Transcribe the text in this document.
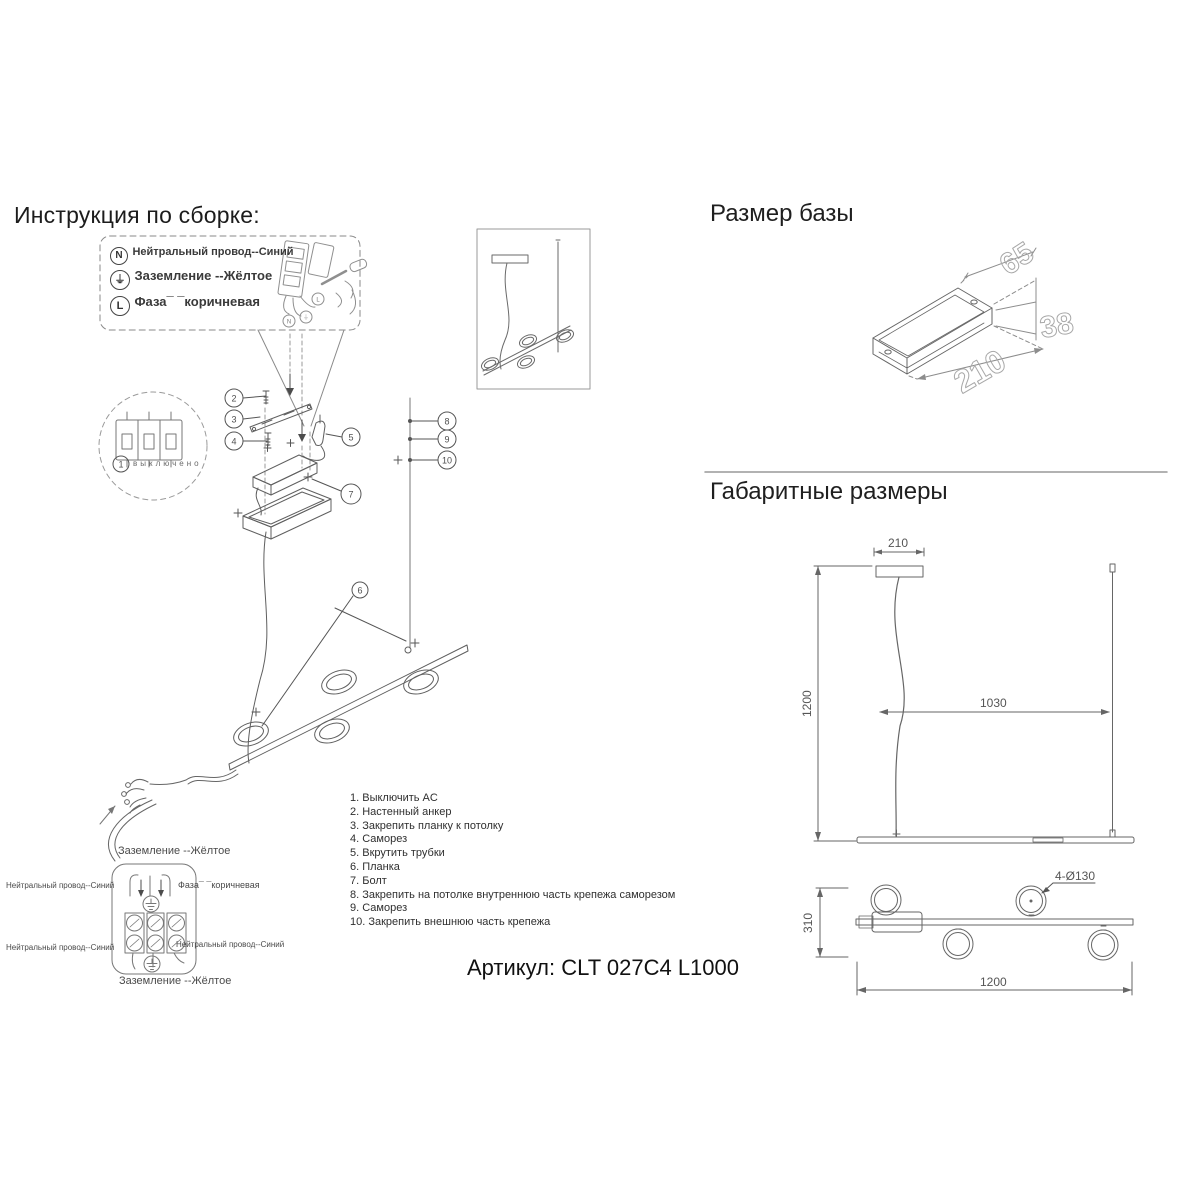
1
2
3
4	5
6
7
8
9
10
65
38
210
210
1200	1030
310
4-Ø130
1200
N
⏚
L
Инструкция по сборке:
N Нейтральный провод--Синий
⏚ Заземление --Жёлтое
L Фаза¯ ¯коричневая
выключено
1. Выключить AC
2. Настенный анкер
3. Закрепить планку к потолку
4. Саморез
5. Вкрутить трубки
6. Планка
7. Болт
8. Закрепить на потолке внутреннюю часть крепежа саморезом
9. Саморез
10. Закрепить внешнюю часть крепежа
Артикул: CLT 027C4 L1000
Заземление --Жёлтое
Нейтральный провод--Синий	Фаза¯ ¯коричневая
Нейтральный провод--Синий	Нейтральный провод--Синий
Заземление --Жёлтое
Размер базы
Габаритные размеры
